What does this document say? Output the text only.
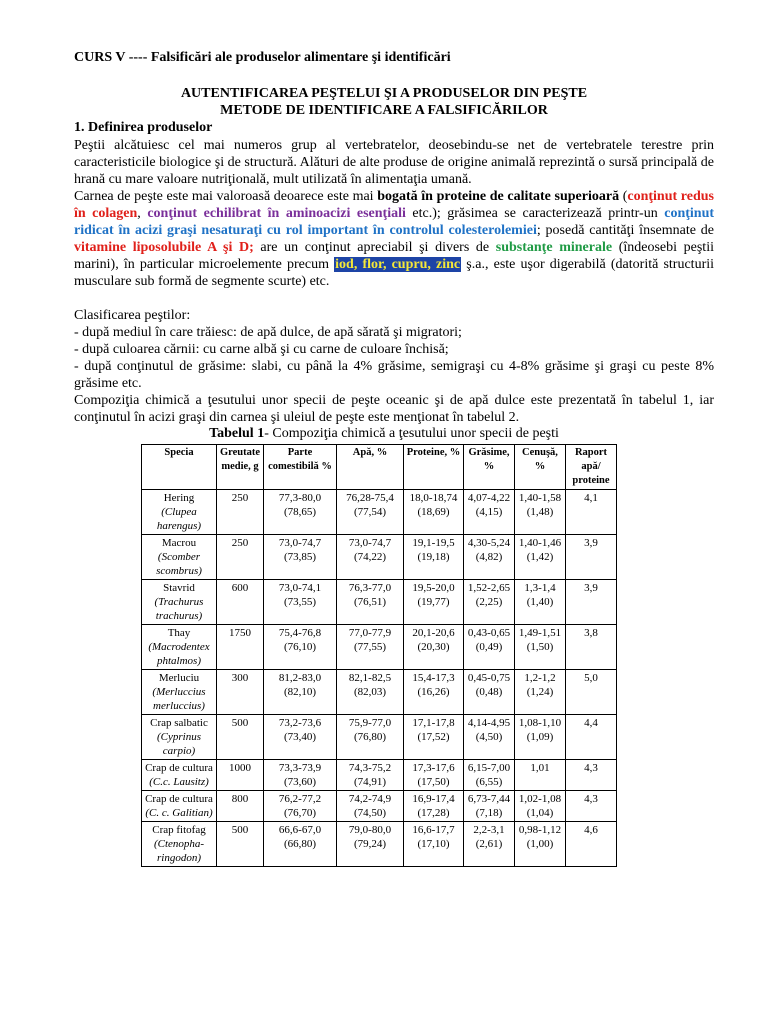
CURS V ---- Falsificări ale produselor alimentare şi identificări
AUTENTIFICAREA PEŞTELUI ŞI A PRODUSELOR DIN PEŞTE
METODE DE IDENTIFICARE A FALSIFICĂRILOR
1. Definirea produselor
Peştii alcătuiesc cel mai numeros grup al vertebratelor, deosebindu-se net de vertebratele terestre prin caracteristicile biologice şi de structură. Alături de alte produse de origine animală reprezintă o sursă principală de hrană cu mare valoare nutriţională, mult utilizată în alimentaţia umană.
Carnea de peşte este mai valoroasă deoarece este mai bogată în proteine de calitate superioară (conţinut redus în colagen, conţinut echilibrat în aminoacizi esenţiali etc.); grăsimea se caracterizează printr-un conţinut ridicat în acizi graşi nesaturaţi cu rol important în controlul colesterolemiei; posedă cantităţi însemnate de vitamine liposolubile A şi D; are un conţinut apreciabil şi divers de substanţe minerale (îndeosebi peştii marini), în particular microelemente precum iod, flor, cupru, zinc ş.a., este uşor digerabilă (datorită structurii musculare sub formă de segmente scurte) etc.
Clasificarea peştilor:
- după mediul în care trăiesc: de apă dulce, de apă sărată şi migratori;
- după culoarea cărnii: cu carne albă şi cu carne de culoare închisă;
- după conţinutul de grăsime: slabi, cu până la 4% grăsime, semigraşi cu 4-8% grăsime şi graşi cu peste 8% grăsime etc.
Compoziţia chimică a ţesutului unor specii de peşte oceanic şi de apă dulce este prezentată în tabelul 1, iar conţinutul în acizi graşi din carnea şi uleiul de peşte este menţionat în tabelul 2.
Tabelul 1- Compoziţia chimică a ţesutului unor specii de peşti
Specia	Greutate medie, g	Parte comestibilă %	Apă, %	Proteine, %	Grăsime, %	Cenuşă, %	Raport apă/ proteine

Hering
(Clupea harengus)	250	77,3-80,0
(78,65)	76,28-75,4
(77,54)	18,0-18,74
(18,69)	4,07-4,22
(4,15)	1,40-1,58
(1,48)	4,1

Macrou
(Scomber scombrus)	250	73,0-74,7
(73,85)	73,0-74,7
(74,22)	19,1-19,5
(19,18)	4,30-5,24
(4,82)	1,40-1,46
(1,42)	3,9

Stavrid
(Trachurus trachurus)	600	73,0-74,1
(73,55)	76,3-77,0
(76,51)	19,5-20,0
(19,77)	1,52-2,65
(2,25)	1,3-1,4
(1,40)	3,9

Thay
(Macrodentex phtalmos)	1750	75,4-76,8
(76,10)	77,0-77,9
(77,55)	20,1-20,6
(20,30)	0,43-0,65
(0,49)	1,49-1,51
(1,50)	3,8

Merluciu
(Merluccius merluccius)	300	81,2-83,0
(82,10)	82,1-82,5
(82,03)	15,4-17,3
(16,26)	0,45-0,75
(0,48)	1,2-1,2
(1,24)	5,0

Crap salbatic
(Cyprinus carpio)	500	73,2-73,6
(73,40)	75,9-77,0
(76,80)	17,1-17,8
(17,52)	4,14-4,95
(4,50)	1,08-1,10
(1,09)	4,4

Crap de cultura
(C.c. Lausitz)	1000	73,3-73,9
(73,60)	74,3-75,2
(74,91)	17,3-17,6
(17,50)	6,15-7,00
(6,55)	1,01	4,3

Crap de cultura
(C. c. Galitian)	800	76,2-77,2
(76,70)	74,2-74,9
(74,50)	16,9-17,4
(17,28)	6,73-7,44
(7,18)	1,02-1,08
(1,04)	4,3

Crap fitofag
(Ctenopha-ringodon)	500	66,6-67,0
(66,80)	79,0-80,0
(79,24)	16,6-17,7
(17,10)	2,2-3,1
(2,61)	0,98-1,12
(1,00)	4,6
